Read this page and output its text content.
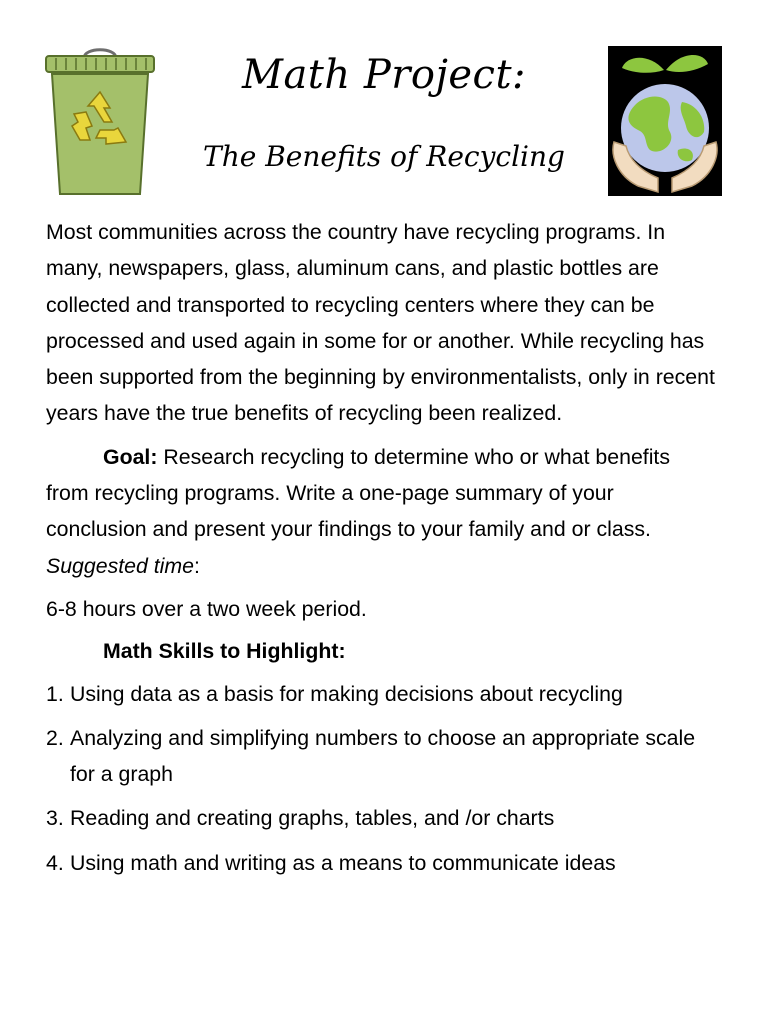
Math Project:
The Benefits of Recycling

Most communities across the country have recycling programs. In many, newspapers, glass, aluminum cans, and plastic bottles are collected and transported to recycling centers where they can be processed and used again in some for or another. While recycling has been supported from the beginning by environmentalists, only in recent years have the true benefits of recycling been realized.

Goal: Research recycling to determine who or what benefits from recycling programs. Write a one-page summary of your conclusion and present your findings to your family and or class. Suggested time:

6-8 hours over a two week period.

Math Skills to Highlight:

1. Using data as a basis for making decisions about recycling
2. Analyzing and simplifying numbers to choose an appropriate scale for a graph
3. Reading and creating graphs, tables, and /or charts
4. Using math and writing as a means to communicate ideas
